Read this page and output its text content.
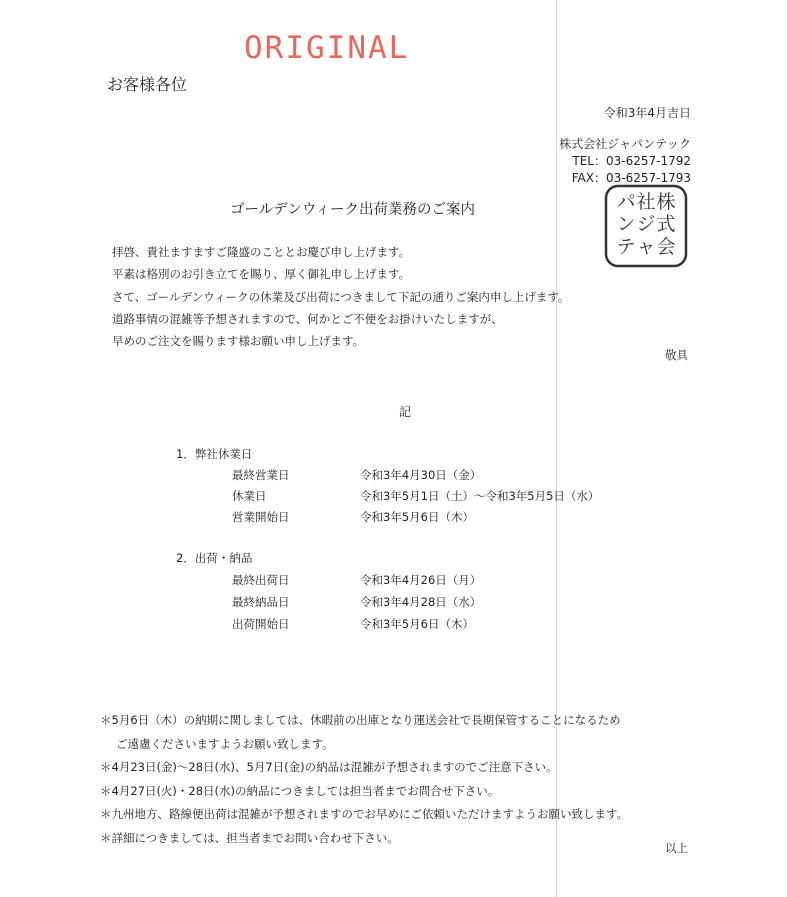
ORIGINAL
お客様各位
令和3年4月吉日
株式会社ジャパンテック
TEL：03-6257-1792
FAX：03-6257-1793
株
式
会
社
ジ
ャ
パ
ン
テ
ゴールデンウィーク出荷業務のご案内
拝啓、貴社ますますご隆盛のこととお慶び申し上げます。
平素は格別のお引き立てを賜り、厚く御礼申し上げます。
さて、ゴールデンウィークの休業及び出荷につきまして下記の通りご案内申し上げます。
道路事情の混雑等予想されますので、何かとご不便をお掛けいたしますが、
早めのご注文を賜ります様お願い申し上げます。
敬具
記
1．弊社休業日
最終営業日	令和3年4月30日（金）
休業日	令和3年5月1日（土）～令和3年5月5日（水）
営業開始日	令和3年5月6日（木）
2．出荷・納品
最終出荷日	令和3年4月26日（月）
最終納品日	令和3年4月28日（水）
出荷開始日	令和3年5月6日（木）
＊5月6日（木）の納期に関しましては、休暇前の出庫となり運送会社で長期保管することになるため
ご遠慮くださいますようお願い致します。
＊4月23日(金)～28日(水)、5月7日(金)の納品は混雑が予想されますのでご注意下さい。
＊4月27日(火)・28日(水)の納品につきましては担当者までお問合せ下さい。
＊九州地方、路線便出荷は混雑が予想されますのでお早めにご依頼いただけますようお願い致します。
＊詳細につきましては、担当者までお問い合わせ下さい。
以上
